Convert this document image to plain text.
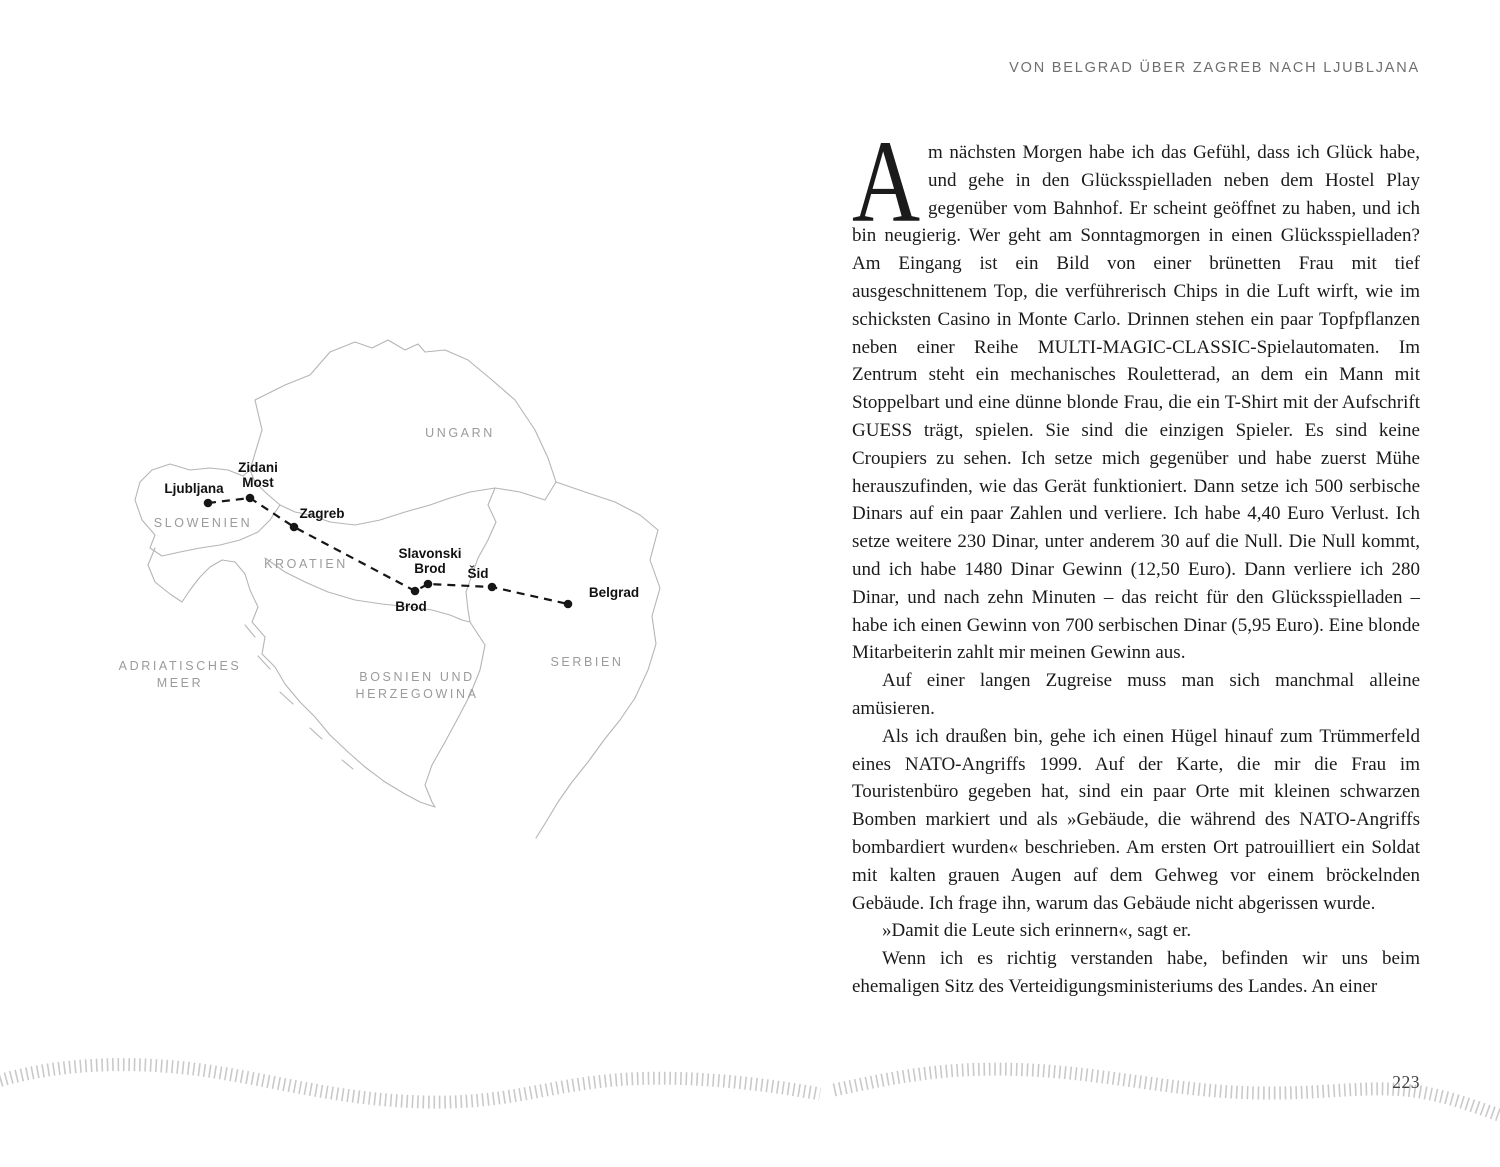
VON BELGRAD ÜBER ZAGREB NACH LJUBLJANA
Ljubljana
Zidani Most
Zagreb
Slavonski Brod
Brod
Šid
Belgrad
UNGARN
SLOWENIEN
KROATIEN
ADRIATISCHES MEER	BOSNIEN UND HERZEGOWINA
SERBIEN

Am nächsten Morgen habe ich das Gefühl, dass ich Glück habe, und gehe in den Glücksspielladen neben dem Hostel Play gegenüber vom Bahnhof. Er scheint geöffnet zu haben, und ich bin neugierig. Wer geht am Sonntagmorgen in einen Glücksspielladen? Am Eingang ist ein Bild von einer brünetten Frau mit tief ausgeschnittenem Top, die verführerisch Chips in die Luft wirft, wie im schicksten Casino in Monte Carlo. Drinnen stehen ein paar Topfpflanzen neben einer Reihe MULTI-MAGIC-CLASSIC-Spielautomaten. Im Zentrum steht ein mechanisches Rouletterad, an dem ein Mann mit Stoppelbart und eine dünne blonde Frau, die ein T-Shirt mit der Aufschrift GUESS trägt, spielen. Sie sind die einzigen Spieler. Es sind keine Croupiers zu sehen. Ich setze mich gegenüber und habe zuerst Mühe herauszufinden, wie das Gerät funktioniert. Dann setze ich 500 serbische Dinars auf ein paar Zahlen und verliere. Ich habe 4,40 Euro Verlust. Ich setze weitere 230 Dinar, unter anderem 30 auf die Null. Die Null kommt, und ich habe 1480 Dinar Gewinn (12,50 Euro). Dann verliere ich 280 Dinar, und nach zehn Minuten – das reicht für den Glücksspielladen – habe ich einen Gewinn von 700 serbischen Dinar (5,95 Euro). Eine blonde Mitarbeiterin zahlt mir meinen Gewinn aus.

Auf einer langen Zugreise muss man sich manchmal alleine amüsieren.

Als ich draußen bin, gehe ich einen Hügel hinauf zum Trümmerfeld eines NATO-Angriffs 1999. Auf der Karte, die mir die Frau im Touristenbüro gegeben hat, sind ein paar Orte mit kleinen schwarzen Bomben markiert und als »Gebäude, die während des NATO-Angriffs bombardiert wurden« beschrieben. Am ersten Ort patrouilliert ein Soldat mit kalten grauen Augen auf dem Gehweg vor einem bröckelnden Gebäude. Ich frage ihn, warum das Gebäude nicht abgerissen wurde.

»Damit die Leute sich erinnern«, sagt er.

Wenn ich es richtig verstanden habe, befinden wir uns beim ehemaligen Sitz des Verteidigungsministeriums des Landes. An einer

223
